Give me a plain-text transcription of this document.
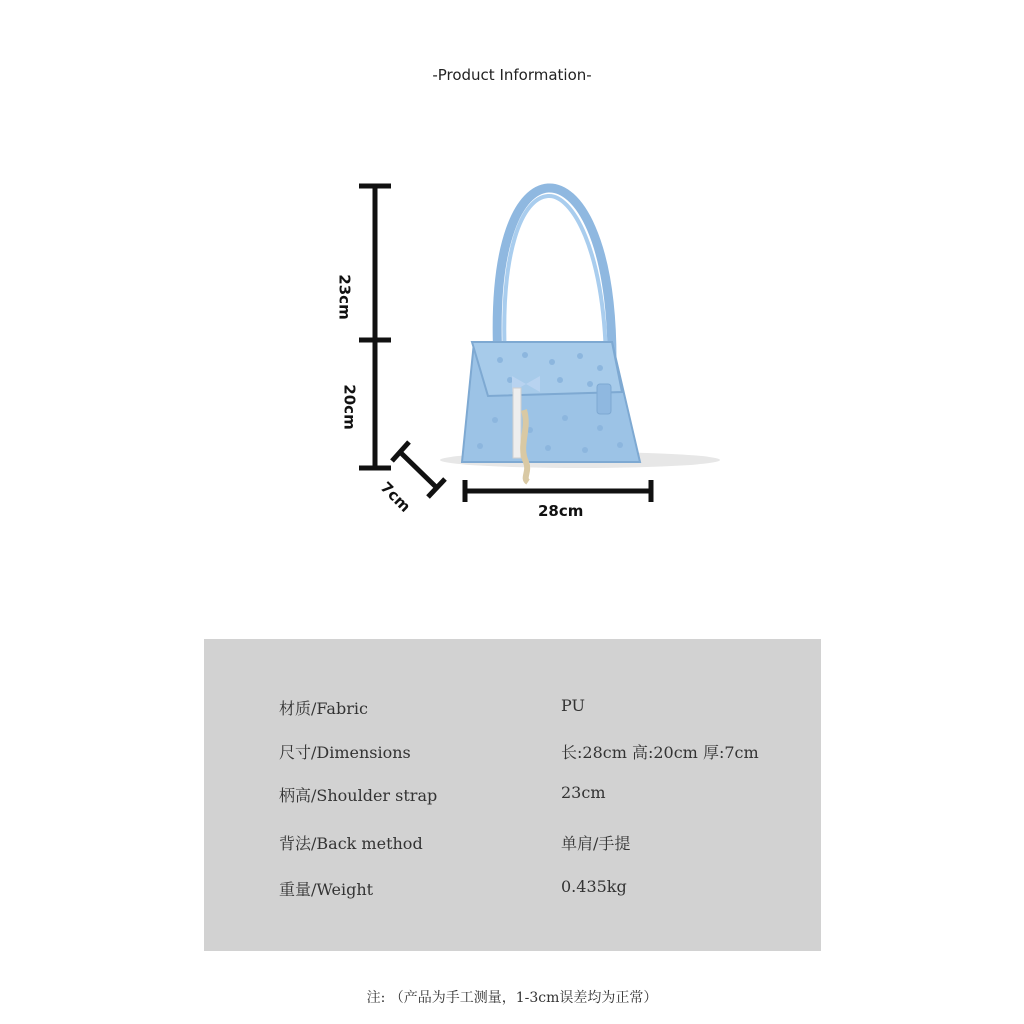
-Product Information-
23cm
20cm
7cm	28cm
材质/Fabric	PU
尺寸/Dimensions	长:28cm 高:20cm 厚:7cm
柄高/Shoulder strap	23cm
背法/Back method	单肩/手提
重量/Weight	0.435kg
注: （产品为手工测量，1-3cm误差均为正常）
